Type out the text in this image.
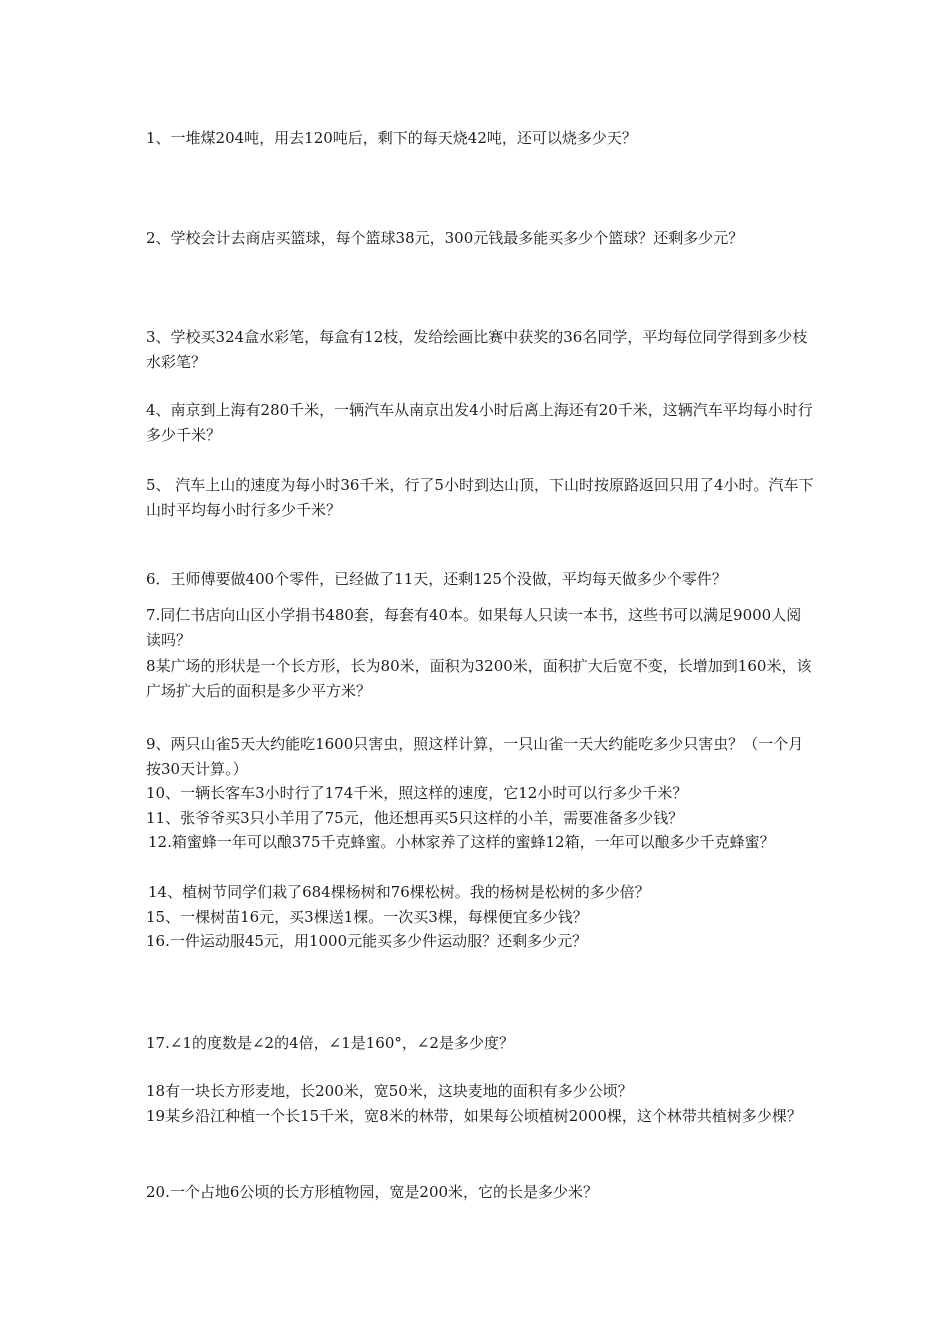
1、一堆煤204吨，用去120吨后，剩下的每天烧42吨，还可以烧多少天？

2、学校会计去商店买篮球，每个篮球38元，300元钱最多能买多少个篮球？还剩多少元？

3、学校买324盒水彩笔，每盒有12枝，发给绘画比赛中获奖的36名同学，平均每位同学得到多少枝水彩笔？

4、南京到上海有280千米，一辆汽车从南京出发4小时后离上海还有20千米，这辆汽车平均每小时行多少千米？

5、 汽车上山的速度为每小时36千米，行了5小时到达山顶，下山时按原路返回只用了4小时。汽车下山时平均每小时行多少千米？

6．王师傅要做400个零件，已经做了11天，还剩125个没做，平均每天做多少个零件？

7.同仁书店向山区小学捐书480套，每套有40本。如果每人只读一本书，这些书可以满足9000人阅读吗？

8某广场的形状是一个长方形，长为80米，面积为3200米，面积扩大后宽不变，长增加到160米，该广场扩大后的面积是多少平方米？

9、两只山雀5天大约能吃1600只害虫，照这样计算，一只山雀一天大约能吃多少只害虫？（一个月按30天计算。）

10、一辆长客车3小时行了174千米，照这样的速度，它12小时可以行多少千米？

11、张爷爷买3只小羊用了75元，他还想再买5只这样的小羊，需要准备多少钱？

12.箱蜜蜂一年可以酿375千克蜂蜜。小林家养了这样的蜜蜂12箱，一年可以酿多少千克蜂蜜？

14、植树节同学们栽了684棵杨树和76棵松树。我的杨树是松树的多少倍？

15、一棵树苗16元，买3棵送1棵。一次买3棵，每棵便宜多少钱？

16.一件运动服45元，用1000元能买多少件运动服？还剩多少元？

17.∠1的度数是∠2的4倍，∠1是160°，∠2是多少度？

18有一块长方形麦地，长200米，宽50米，这块麦地的面积有多少公顷？

19某乡沿江种植一个长15千米，宽8米的林带，如果每公顷植树2000棵，这个林带共植树多少棵？

20.一个占地6公顷的长方形植物园，宽是200米，它的长是多少米？
